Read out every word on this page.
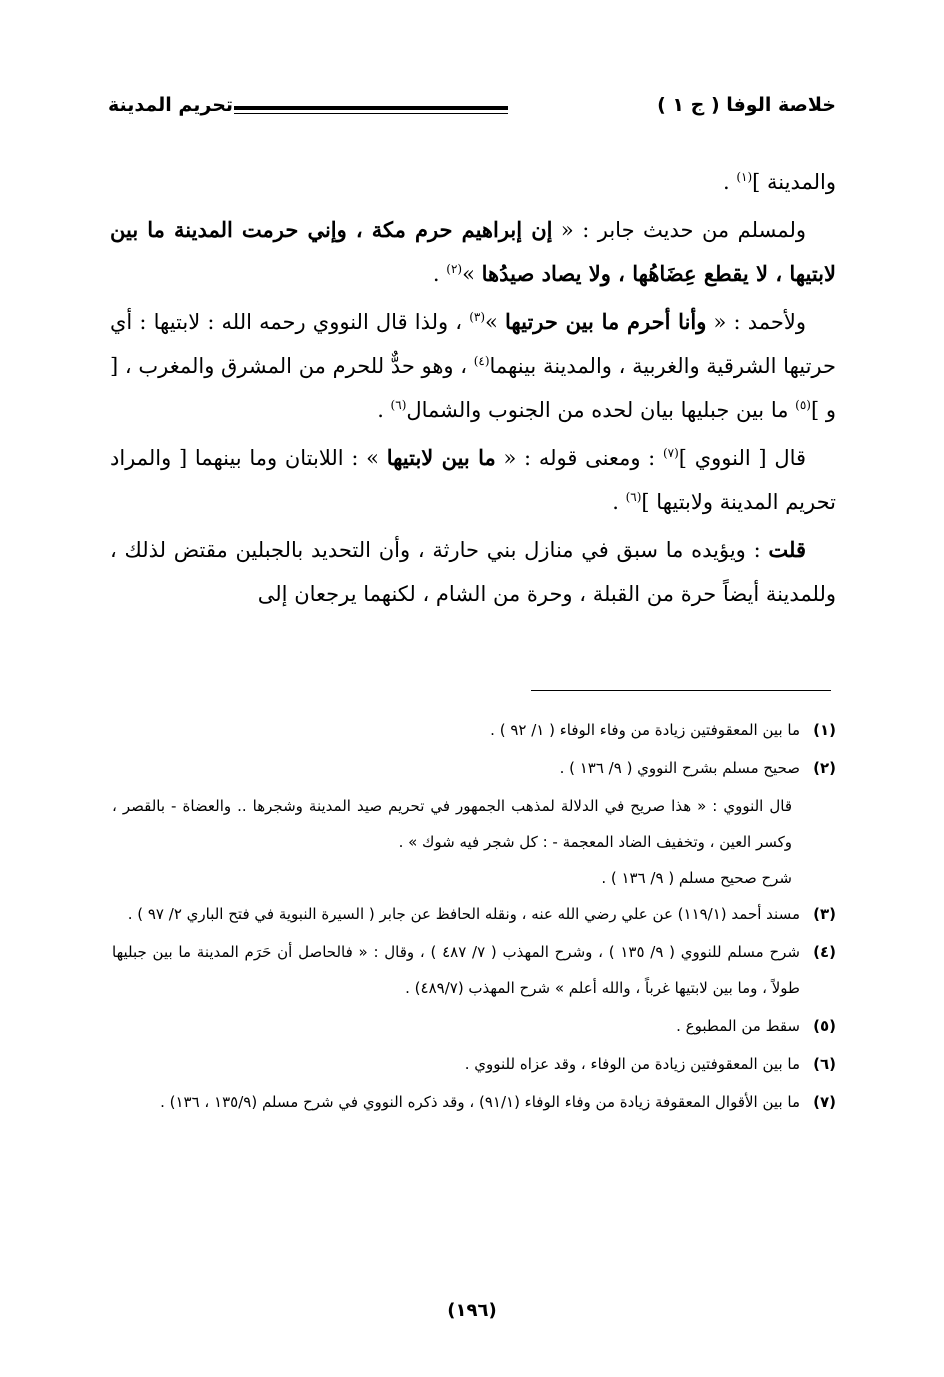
خلاصة الوفا ( ج ١ )
تحريم المدينة

والمدينة ]$^{(١)}$ .

ولمسلم من حديث جابر : « إن إبراهيم حرم مكة ، وإني حرمت المدينة ما بين لابتيها ، لا يقطع عِضَاهُها ، ولا يصاد صيدُها »$^{(٢)}$ .

ولأحمد : « وأنا أحرم ما بين حرتيها »$^{(٣)}$ ، ولذا قال النووي رحمه الله : لابتيها : أي حرتيها الشرقية والغربية ، والمدينة بينهما$^{(٤)}$ ، وهو حدٌّ للحرم من المشرق والمغرب ، [ و ]$^{(٥)}$ ما بين جبليها بيان لحده من الجنوب والشمال$^{(٦)}$ .

قال [ النووي ]$^{(٧)}$ : ومعنى قوله : « ما بين لابتيها » : اللابتان وما بينهما [ والمراد تحريم المدينة ولابتيها ]$^{(٦)}$ .

قلت : ويؤيده ما سبق في منازل بني حارثة ، وأن التحديد بالجبلين مقتض لذلك ، وللمدينة أيضاً حرة من القبلة ، وحرة من الشام ، لكنهما يرجعان إلى

(١)
ما بين المعقوفتين زيادة من وفاء الوفاء ( ١/ ٩٢ ) .
(٢)
صحيح مسلم بشرح النووي ( ٩/ ١٣٦ ) .
قال النووي : « هذا صريح في الدلالة لمذهب الجمهور في تحريم صيد المدينة وشجرها .. والعضاة - بالقصر ، وكسر العين ، وتخفيف الضاد المعجمة - : كل شجر فيه شوك » .
شرح صحيح مسلم ( ٩/ ١٣٦ ) .
(٣)
مسند أحمد (١١٩/١) عن علي رضي الله عنه ، ونقله الحافظ عن جابر ( السيرة النبوية في فتح الباري ٢/ ٩٧ ) .
(٤)
شرح مسلم للنووي ( ٩/ ١٣٥ ) ، وشرح المهذب ( ٧/ ٤٨٧ ) ، وقال : « فالحاصل أن حَرَم المدينة ما بين جبليها طولاً ، وما بين لابتيها غرباً ، والله أعلم » شرح المهذب (٤٨٩/٧) .
(٥)
سقط من المطبوع .
(٦)
ما بين المعقوفتين زيادة من الوفاء ، وقد عزاه للنووي .
(٧)
ما بين الأقوال المعقوفة زيادة من وفاء الوفاء (٩١/١) ، وقد ذكره النووي في شرح مسلم (١٣٥/٩ ، ١٣٦) .
(١٩٦)
